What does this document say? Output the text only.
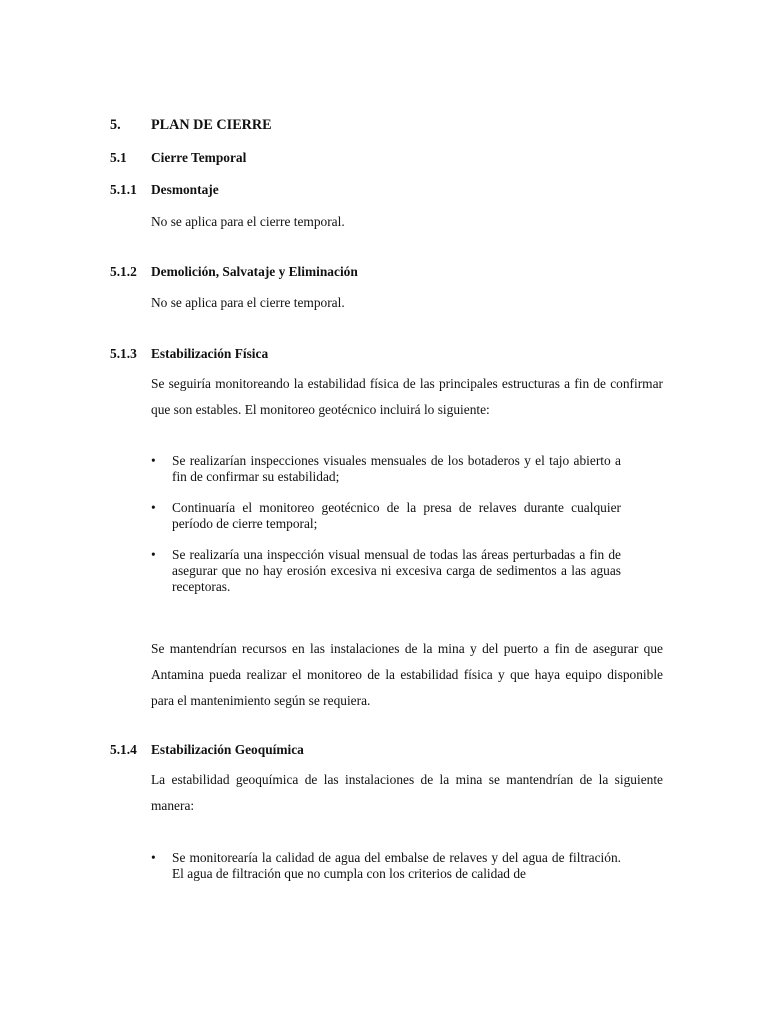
5. PLAN DE CIERRE
5.1 Cierre Temporal
5.1.1 Desmontaje
No se aplica para el cierre temporal.
5.1.2 Demolición, Salvataje y Eliminación
No se aplica para el cierre temporal.
5.1.3 Estabilización Física

Se seguiría monitoreando la estabilidad física de las principales estructuras a fin de confirmar que son estables. El monitoreo geotécnico incluirá lo siguiente:

• Se realizarían inspecciones visuales mensuales de los botaderos y el tajo abierto a fin de confirmar su estabilidad;
• Continuaría el monitoreo geotécnico de la presa de relaves durante cualquier período de cierre temporal;
• Se realizaría una inspección visual mensual de todas las áreas perturbadas a fin de asegurar que no hay erosión excesiva ni excesiva carga de sedimentos a las aguas receptoras.

Se mantendrían recursos en las instalaciones de la mina y del puerto a fin de asegurar que Antamina pueda realizar el monitoreo de la estabilidad física y que haya equipo disponible para el mantenimiento según se requiera.

5.1.4 Estabilización Geoquímica

La estabilidad geoquímica de las instalaciones de la mina se mantendrían de la siguiente manera:

• Se monitorearía la calidad de agua del embalse de relaves y del agua de filtración. El agua de filtración que no cumpla con los criterios de calidad de
